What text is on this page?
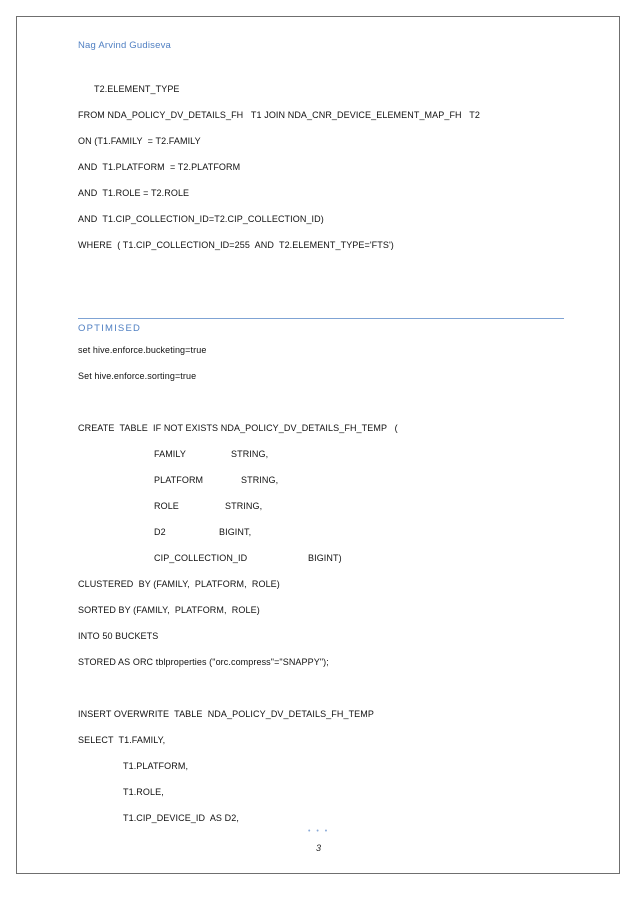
Nag Arvind Gudiseva
T2.ELEMENT_TYPE
FROM NDA_POLICY_DV_DETAILS_FH   T1 JOIN NDA_CNR_DEVICE_ELEMENT_MAP_FH   T2
ON (T1.FAMILY  = T2.FAMILY
AND  T1.PLATFORM  = T2.PLATFORM
AND  T1.ROLE = T2.ROLE
AND  T1.CIP_COLLECTION_ID=T2.CIP_COLLECTION_ID)
WHERE  ( T1.CIP_COLLECTION_ID=255  AND  T2.ELEMENT_TYPE='FTS')
OPTIMISED
set hive.enforce.bucketing=true
Set hive.enforce.sorting=true
CREATE  TABLE  IF NOT EXISTS NDA_POLICY_DV_DETAILS_FH_TEMP   (
FAMILY	STRING,
PLATFORM	STRING,
ROLE	STRING,
D2	BIGINT,
CIP_COLLECTION_ID	BIGINT)
CLUSTERED  BY (FAMILY,  PLATFORM,  ROLE)
SORTED BY (FAMILY,  PLATFORM,  ROLE)
INTO 50 BUCKETS
STORED AS ORC tblproperties ("orc.compress"="SNAPPY");
INSERT OVERWRITE  TABLE  NDA_POLICY_DV_DETAILS_FH_TEMP
SELECT  T1.FAMILY,
T1.PLATFORM,
T1.ROLE,
T1.CIP_DEVICE_ID  AS D2,
• • •
3
